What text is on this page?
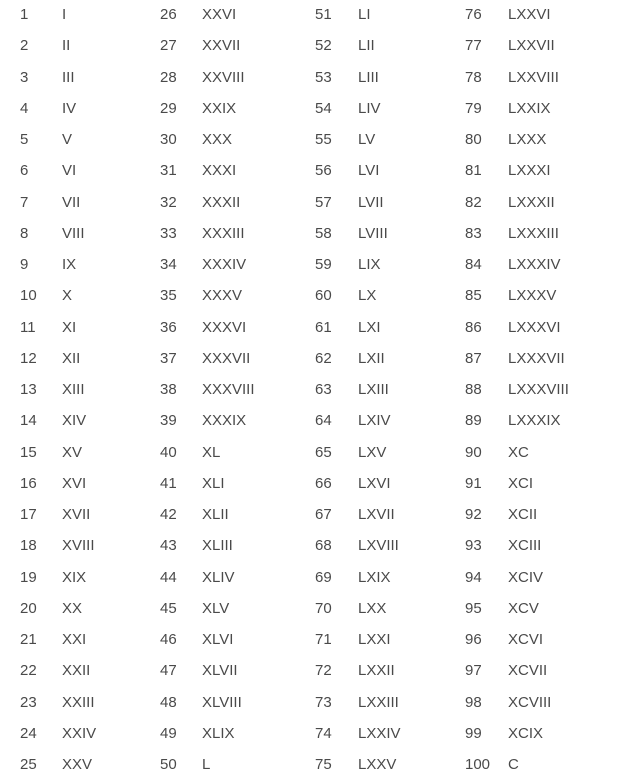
1 I
2 II
3 III
4 IV
5 V
6 VI
7 VII
8 VIII
9 IX
10 X
11 XI
12 XII
13 XIII
14 XIV
15 XV
16 XVI
17 XVII
18 XVIII
19 XIX
20 XX
21 XXI
22 XXII
23 XXIII
24 XXIV
25 XXV
26 XXVI
27 XXVII
28 XXVIII
29 XXIX
30 XXX
31 XXXI
32 XXXII
33 XXXIII
34 XXXIV
35 XXXV
36 XXXVI
37 XXXVII
38 XXXVIII
39 XXXIX
40 XL
41 XLI
42 XLII
43 XLIII
44 XLIV
45 XLV
46 XLVI
47 XLVII
48 XLVIII
49 XLIX
50 L
51 LI
52 LII
53 LIII
54 LIV
55 LV
56 LVI
57 LVII
58 LVIII
59 LIX
60 LX
61 LXI
62 LXII
63 LXIII
64 LXIV
65 LXV
66 LXVI
67 LXVII
68 LXVIII
69 LXIX
70 LXX
71 LXXI
72 LXXII
73 LXXIII
74 LXXIV
75 LXXV
76 LXXVI
77 LXXVII
78 LXXVIII
79 LXXIX
80 LXXX
81 LXXXI
82 LXXXII
83 LXXXIII
84 LXXXIV
85 LXXXV
86 LXXXVI
87 LXXXVII
88 LXXXVIII
89 LXXXIX
90 XC
91 XCI
92 XCII
93 XCIII
94 XCIV
95 XCV
96 XCVI
97 XCVII
98 XCVIII
99 XCIX
100 C
